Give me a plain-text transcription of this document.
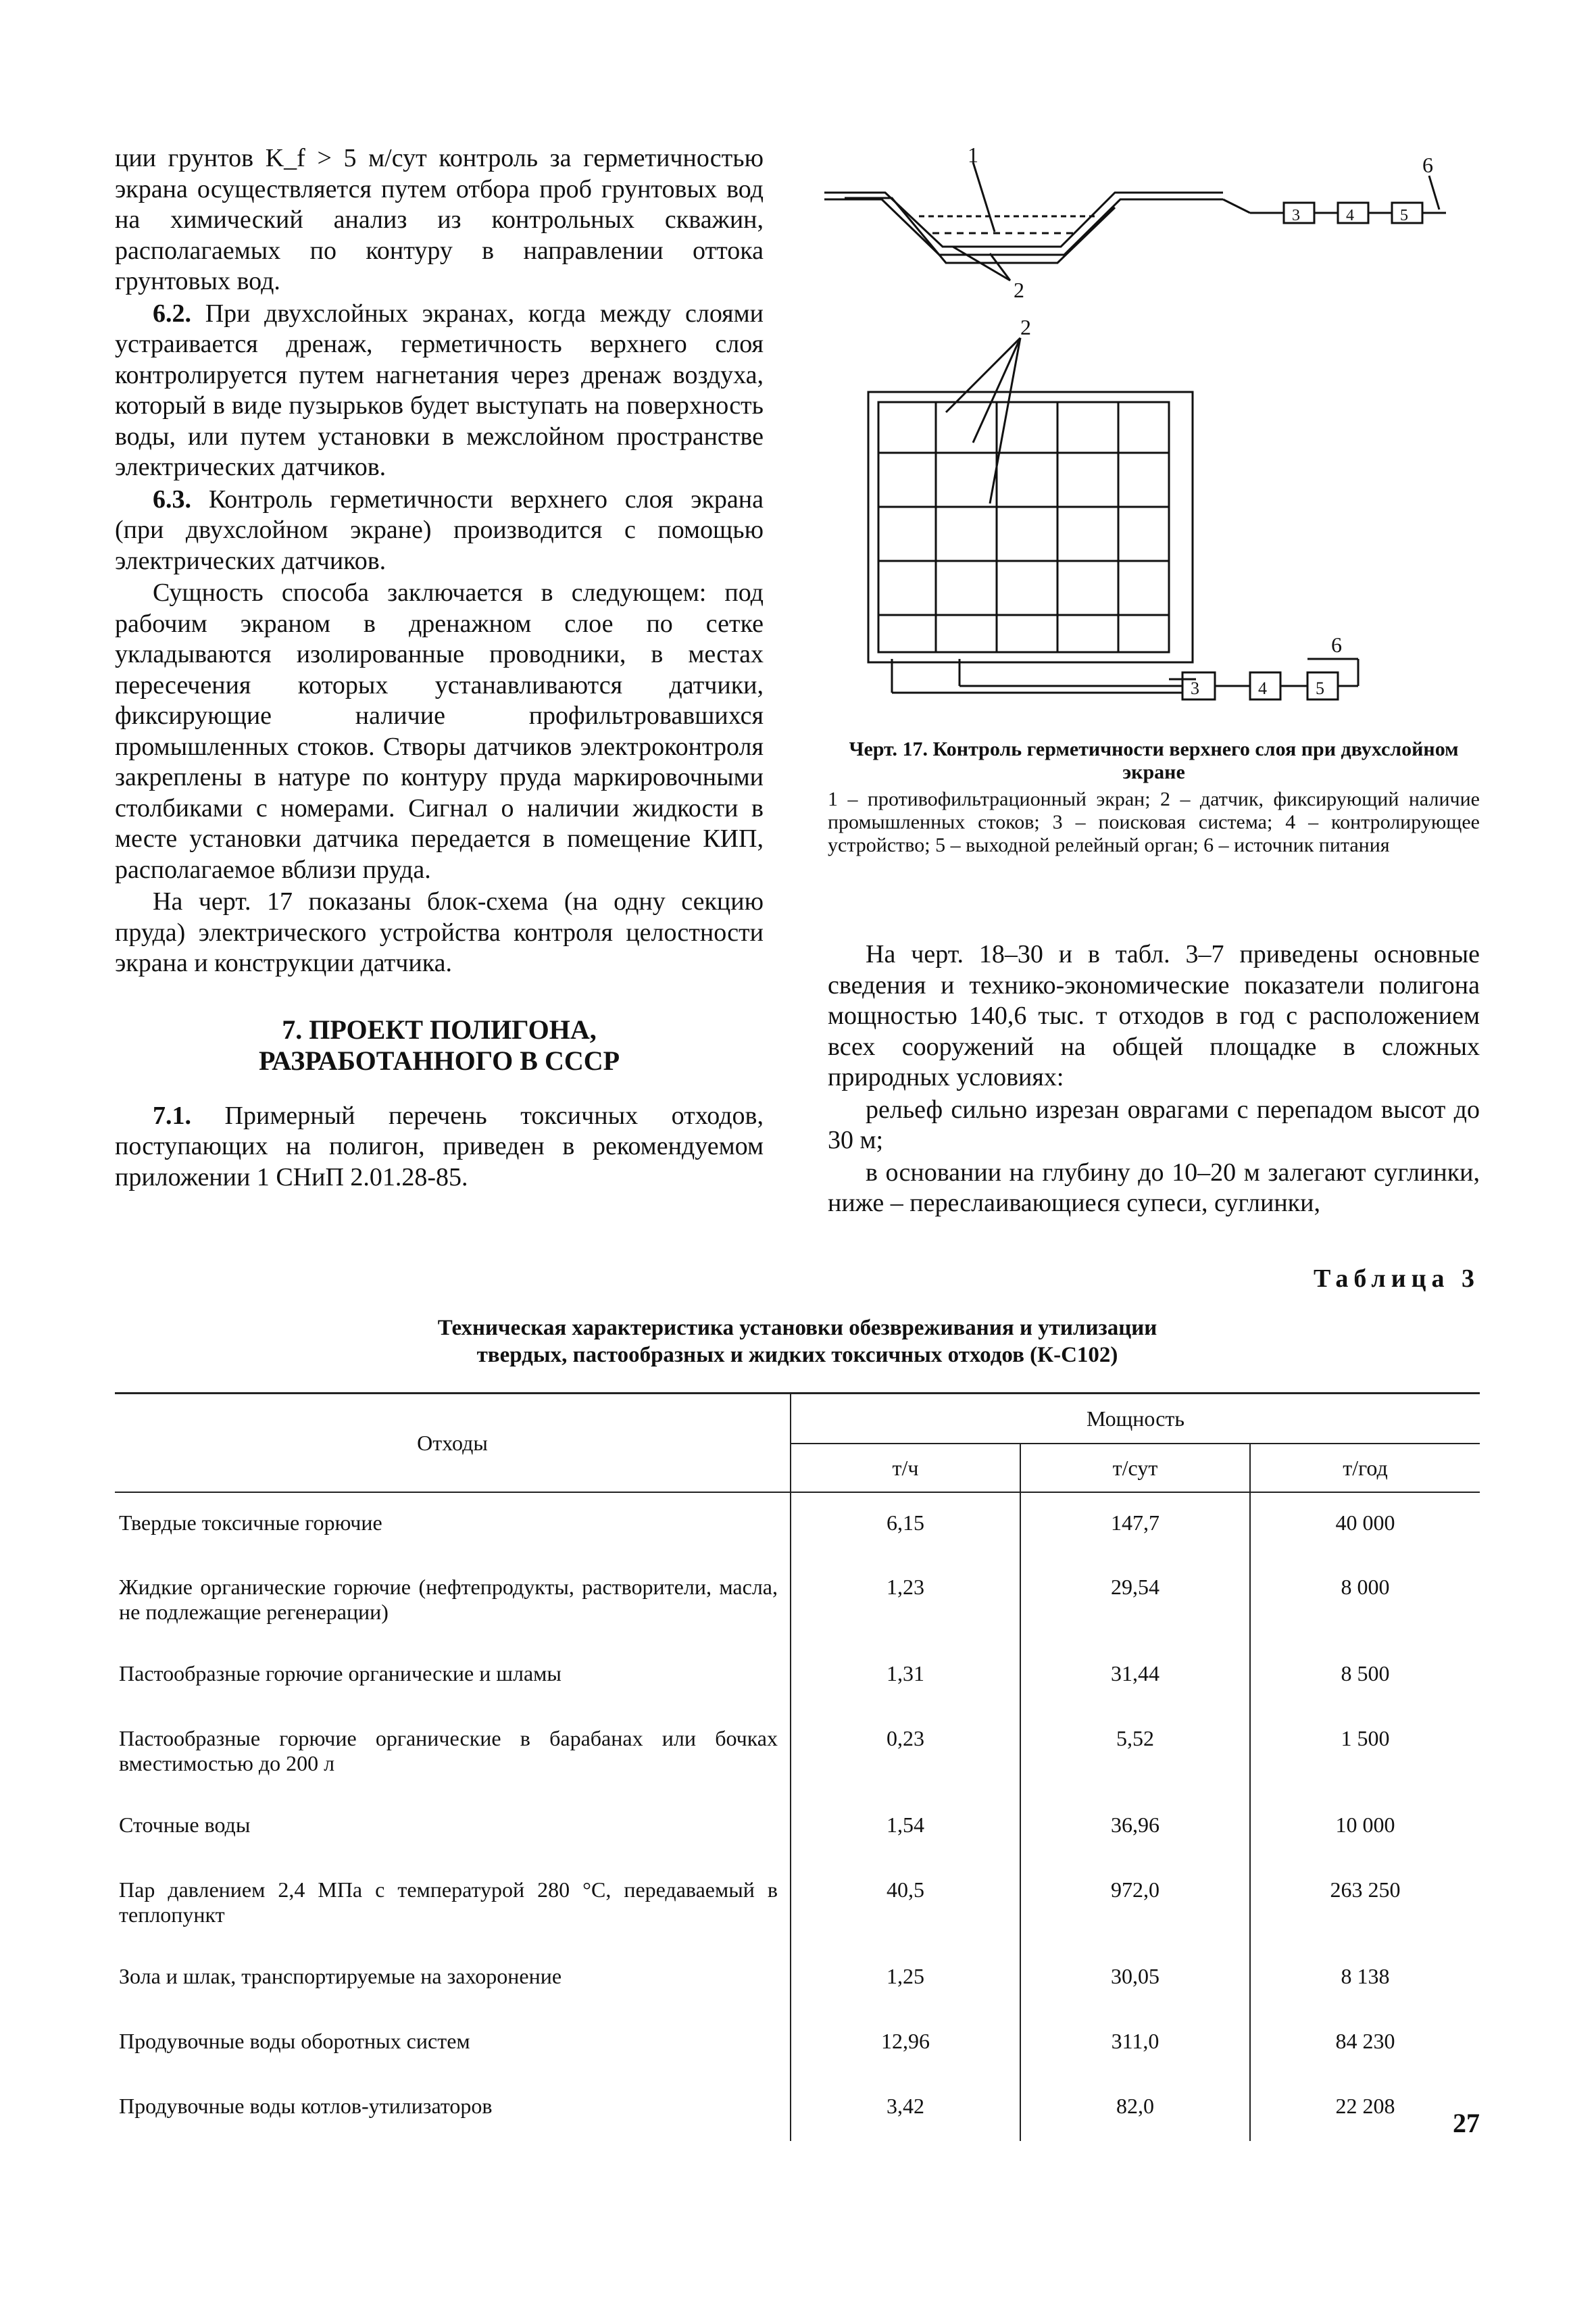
ции грунтов K_f > 5 м/сут контроль за герметичностью экрана осуществляется путем отбора проб грунтовых вод на химический анализ из контрольных скважин, располагаемых по контуру в направлении оттока грунтовых вод.

6.2. При двухслойных экранах, когда между слоями устраивается дренаж, герметичность верхнего слоя контролируется путем нагнетания через дренаж воздуха, который в виде пузырьков будет выступать на поверхность воды, или путем установки в межслойном пространстве электрических датчиков.

6.3. Контроль герметичности верхнего слоя экрана (при двухслойном экране) производится с помощью электрических датчиков.

Сущность способа заключается в следующем: под рабочим экраном в дренажном слое по сетке укладываются изолированные проводники, в местах пересечения которых устанавливаются датчики, фиксирующие наличие профильтровавшихся промышленных стоков. Створы датчиков электроконтроля закреплены в натуре по контуру пруда маркировочными столбиками с номерами. Сигнал о наличии жидкости в месте установки датчика передается в помещение КИП, располагаемое вблизи пруда.

На черт. 17 показаны блок-схема (на одну секцию пруда) электрического устройства контроля целостности экрана и конструкции датчика.

7. ПРОЕКТ ПОЛИГОНА,
РАЗРАБОТАННОГО В СССР

7.1. Примерный перечень токсичных отходов, поступающих на полигон, приведен в рекомендуемом приложении 1 СНиП 2.01.28-85.

1
2
3	4	5
6
2
3	4	5
6
Черт. 17. Контроль герметичности верхнего слоя при двухслойном экране
1 – противофильтрационный экран; 2 – датчик, фиксирующий наличие промышленных стоков; 3 – поисковая система; 4 – контролирующее устройство; 5 – выходной релейный орган; 6 – источник питания

На черт. 18–30 и в табл. 3–7 приведены основные сведения и технико-экономические показатели полигона мощностью 140,6 тыс. т отходов в год с расположением всех сооружений на общей площадке в сложных природных условиях:

рельеф сильно изрезан оврагами с перепадом высот до 30 м;

в основании на глубину до 10–20 м залегают суглинки, ниже – переслаивающиеся супеси, суглинки,

Таблица 3
Техническая характеристика установки обезвреживания и утилизации
твердых, пастообразных и жидких токсичных отходов (К-С102)
Отходы	Мощность		
	т/ч	т/сут	т/год
Твердые токсичные горючие	6,15	147,7	40 000
Жидкие органические горючие (нефтепродукты, растворители, масла, не подлежащие регенерации)	1,23	29,54	8 000
Пастообразные горючие органические и шламы	1,31	31,44	8 500
Пастообразные горючие органические в барабанах или бочках вместимостью до 200 л	0,23	5,52	1 500
Сточные воды	1,54	36,96	10 000
Пар давлением 2,4 МПа с температурой 280 °С, передаваемый в теплопункт	40,5	972,0	263 250
Зола и шлак, транспортируемые на захоронение	1,25	30,05	8 138
Продувочные воды оборотных систем	12,96	311,0	84 230
Продувочные воды котлов-утилизаторов	3,42	82,0	22 208
27
